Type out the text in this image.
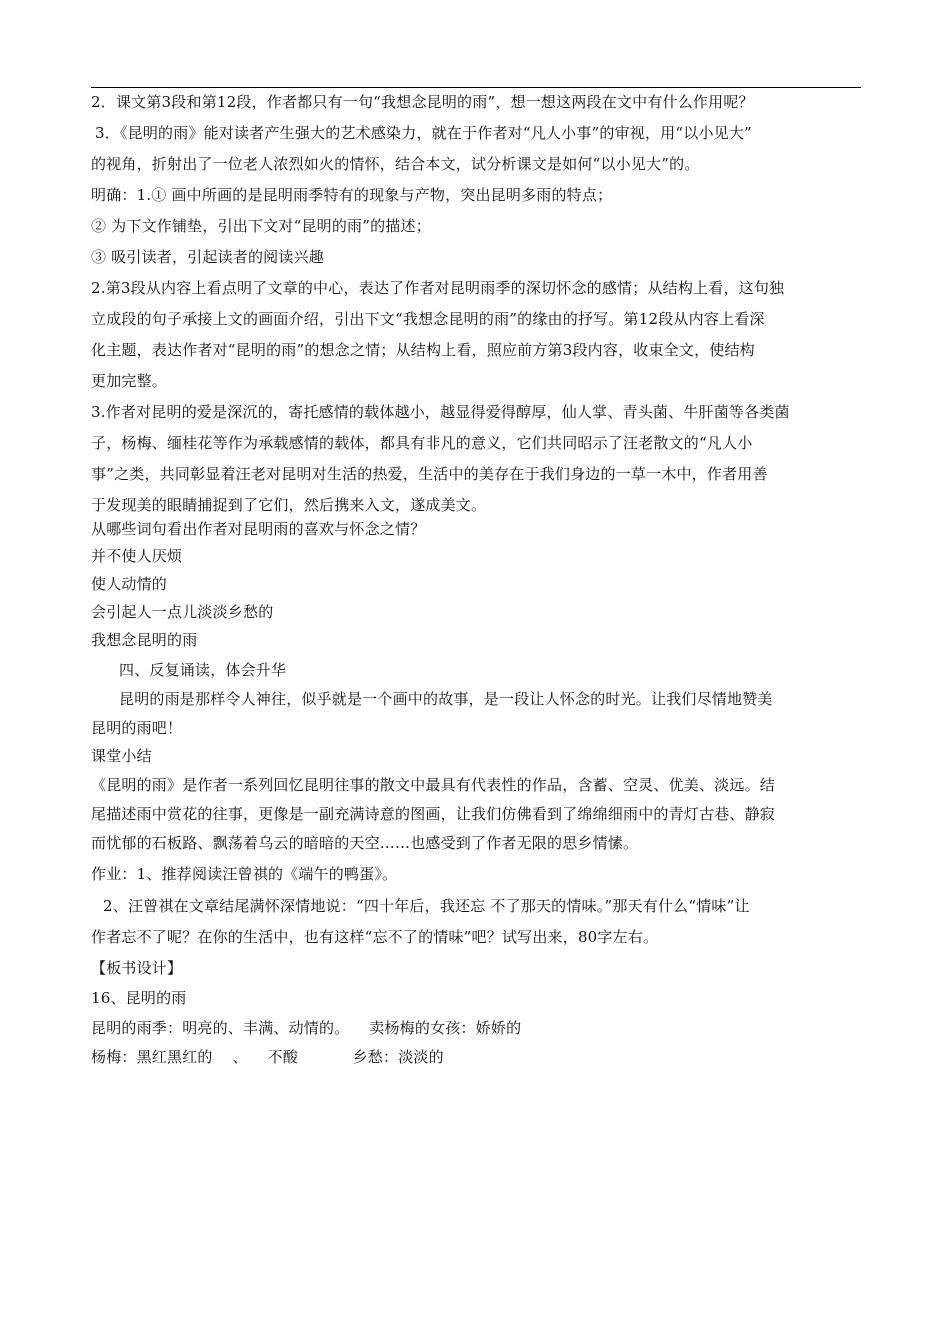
2．课文第3段和第12段，作者都只有一句“我想念昆明的雨”，想一想这两段在文中有什么作用呢？
3．《昆明的雨》能对读者产生强大的艺术感染力，就在于作者对“凡人小事”的审视，用“以小见大”
的视角，折射出了一位老人浓烈如火的情怀，结合本文，试分析课文是如何“以小见大”的。
明确：1.① 画中所画的是昆明雨季特有的现象与产物，突出昆明多雨的特点；
② 为下文作铺垫，引出下文对“昆明的雨”的描述；
③ 吸引读者，引起读者的阅读兴趣
2.第3段从内容上看点明了文章的中心，表达了作者对昆明雨季的深切怀念的感情；从结构上看，这句独
立成段的句子承接上文的画面介绍，引出下文“我想念昆明的雨”的缘由的抒写。第12段从内容上看深
化主题，表达作者对“昆明的雨”的想念之情；从结构上看，照应前方第3段内容，收束全文，使结构
更加完整。
3.作者对昆明的爱是深沉的，寄托感情的载体越小，越显得爱得醇厚，仙人掌、青头菌、牛肝菌等各类菌
子，杨梅、缅桂花等作为承载感情的载体，都具有非凡的意义，它们共同昭示了汪老散文的“凡人小
事”之类，共同彰显着汪老对昆明对生活的热爱，生活中的美存在于我们身边的一草一木中，作者用善
于发现美的眼睛捕捉到了它们，然后携来入文，遂成美文。
从哪些词句看出作者对昆明雨的喜欢与怀念之情？
并不使人厌烦
使人动情的
会引起人一点儿淡淡乡愁的
我想念昆明的雨
四、反复诵读，体会升华
昆明的雨是那样令人神往，似乎就是一个画中的故事，是一段让人怀念的时光。让我们尽情地赞美
昆明的雨吧！
课堂小结
《昆明的雨》是作者一系列回忆昆明往事的散文中最具有代表性的作品，含蓄、空灵、优美、淡远。结
尾描述雨中赏花的往事，更像是一副充满诗意的图画，让我们仿佛看到了绵绵细雨中的青灯古巷、静寂
而忧郁的石板路、飘荡着乌云的暗暗的天空……也感受到了作者无限的思乡情愫。
作业：1、推荐阅读汪曾祺的《端午的鸭蛋》。
2、汪曾祺在文章结尾满怀深情地说：“四十年后，我还忘 不了那天的情味。”那天有什么“情味”让
作者忘不了呢？在你的生活中，也有这样“忘不了的情味”吧？试写出来，80字左右。
【板书设计】
16、昆明的雨
昆明的雨季：明亮的、丰满、动情的。    卖杨梅的女孩：娇娇的
杨梅：黑红黑红的    、    不酸           乡愁：淡淡的
